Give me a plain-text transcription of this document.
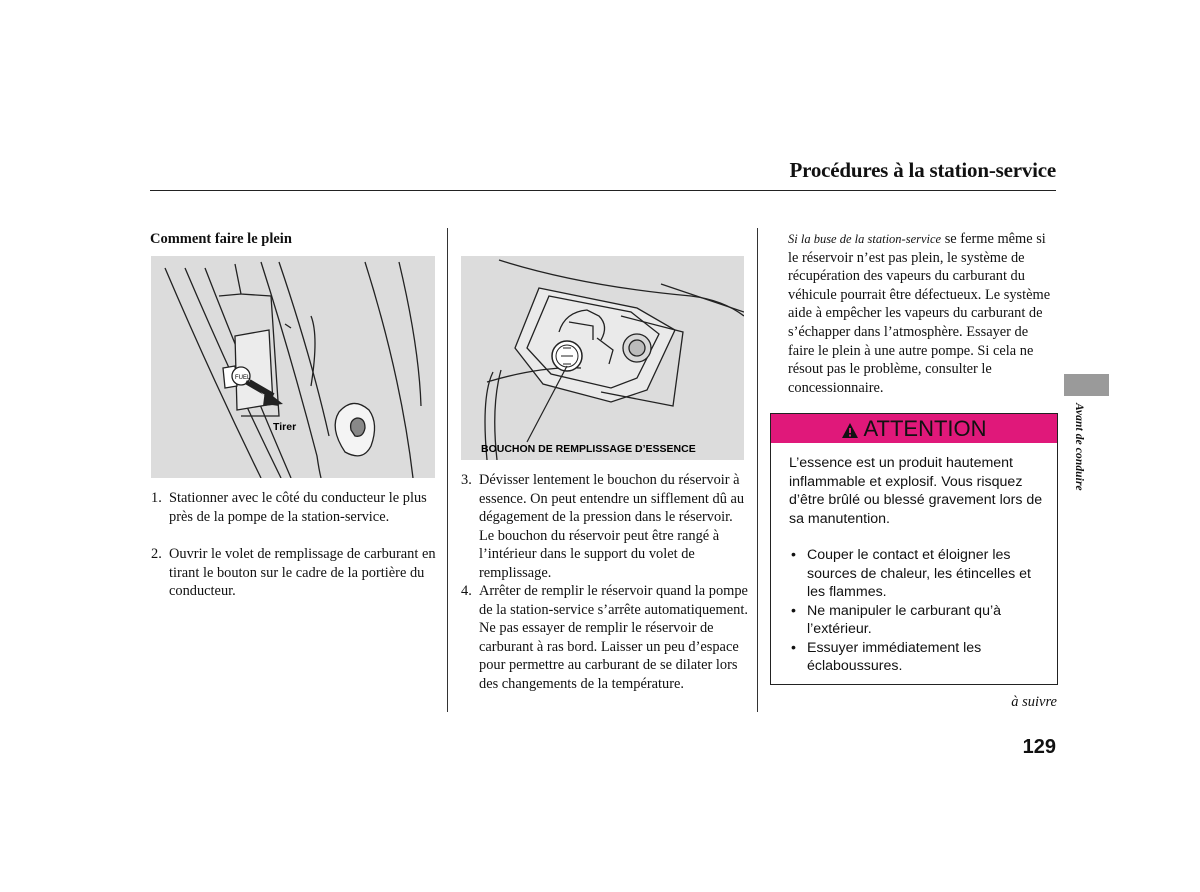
Procédures à la station-service
Comment faire le plein
FUEL
Tirer
1. Stationner avec le côté du conducteur le plus près de la pompe de la station-service.
2. Ouvrir le volet de remplissage de carburant en tirant le bouton sur le cadre de la portière du conducteur.
BOUCHON DE REMPLISSAGE D’ESSENCE
3. Dévisser lentement le bouchon du réservoir à essence. On peut entendre un sifflement dû au dégagement de la pression dans le réservoir. Le bouchon du réservoir peut être rangé à l’intérieur dans le support du volet de remplissage.
4. Arrêter de remplir le réservoir quand la pompe de la station-service s’arrête automatiquement. Ne pas essayer de remplir le réservoir de carburant à ras bord. Laisser un peu d’espace pour permettre au carburant de se dilater lors des changements de la température.
Si la buse de la station-service se ferme même si le réservoir n’est pas plein, le système de récupération des vapeurs du carburant du véhicule pourrait être défectueux. Le système aide à empêcher les vapeurs du carburant de s’échapper dans l’atmosphère. Essayer de faire le plein à une autre pompe. Si cela ne résout pas le problème, consulter le concessionnaire.
ATTENTION
L’essence est un produit hautement inflammable et explosif. Vous risquez d’être brûlé ou blessé gravement lors de sa manutention.
• Couper le contact et éloigner les sources de chaleur, les étincelles et les flammes.
• Ne manipuler le carburant qu’à l’extérieur.
• Essuyer immédiatement les éclaboussures.
à suivre
Avant de conduire
129
